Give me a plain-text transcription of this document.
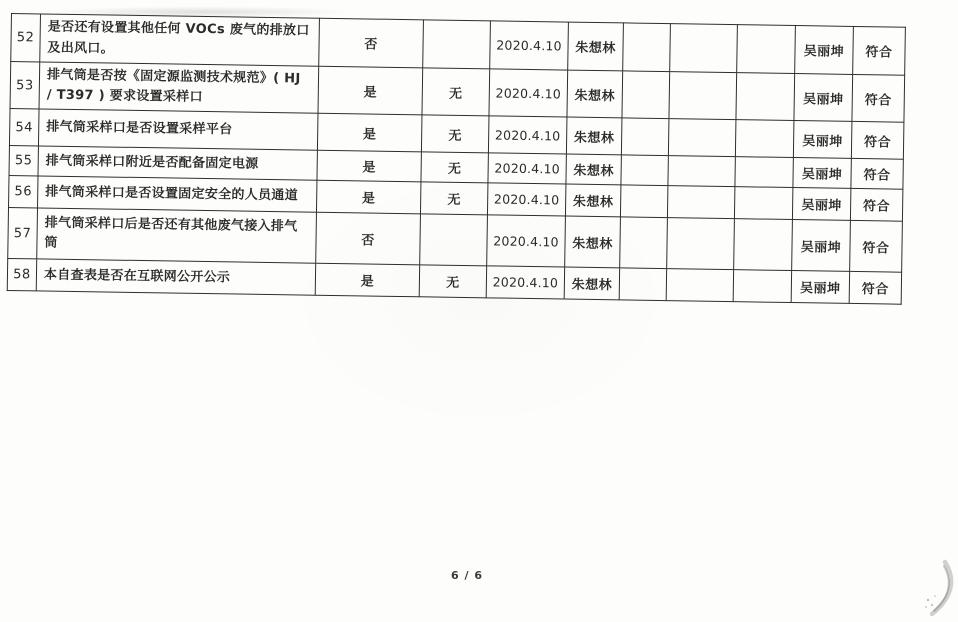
52	是否还有设置其他任何 VOCs 废气的排放口及出风口。	否		2020.4.10	朱想林				吴丽坤	符合
53	排气筒是否按《固定源监测技术规范》( HJ / T397 ) 要求设置采样口	是	无	2020.4.10	朱想林				吴丽坤	符合
54	排气筒采样口是否设置采样平台	是	无	2020.4.10	朱想林				吴丽坤	符合
55	排气筒采样口附近是否配备固定电源	是	无	2020.4.10	朱想林				吴丽坤	符合
56	排气筒采样口是否设置固定安全的人员通道	是	无	2020.4.10	朱想林				吴丽坤	符合
57	排气筒采样口后是否还有其他废气接入排气筒	否		2020.4.10	朱想林				吴丽坤	符合
58	本自查表是否在互联网公开公示	是	无	2020.4.10	朱想林				吴丽坤	符合
6 / 6
